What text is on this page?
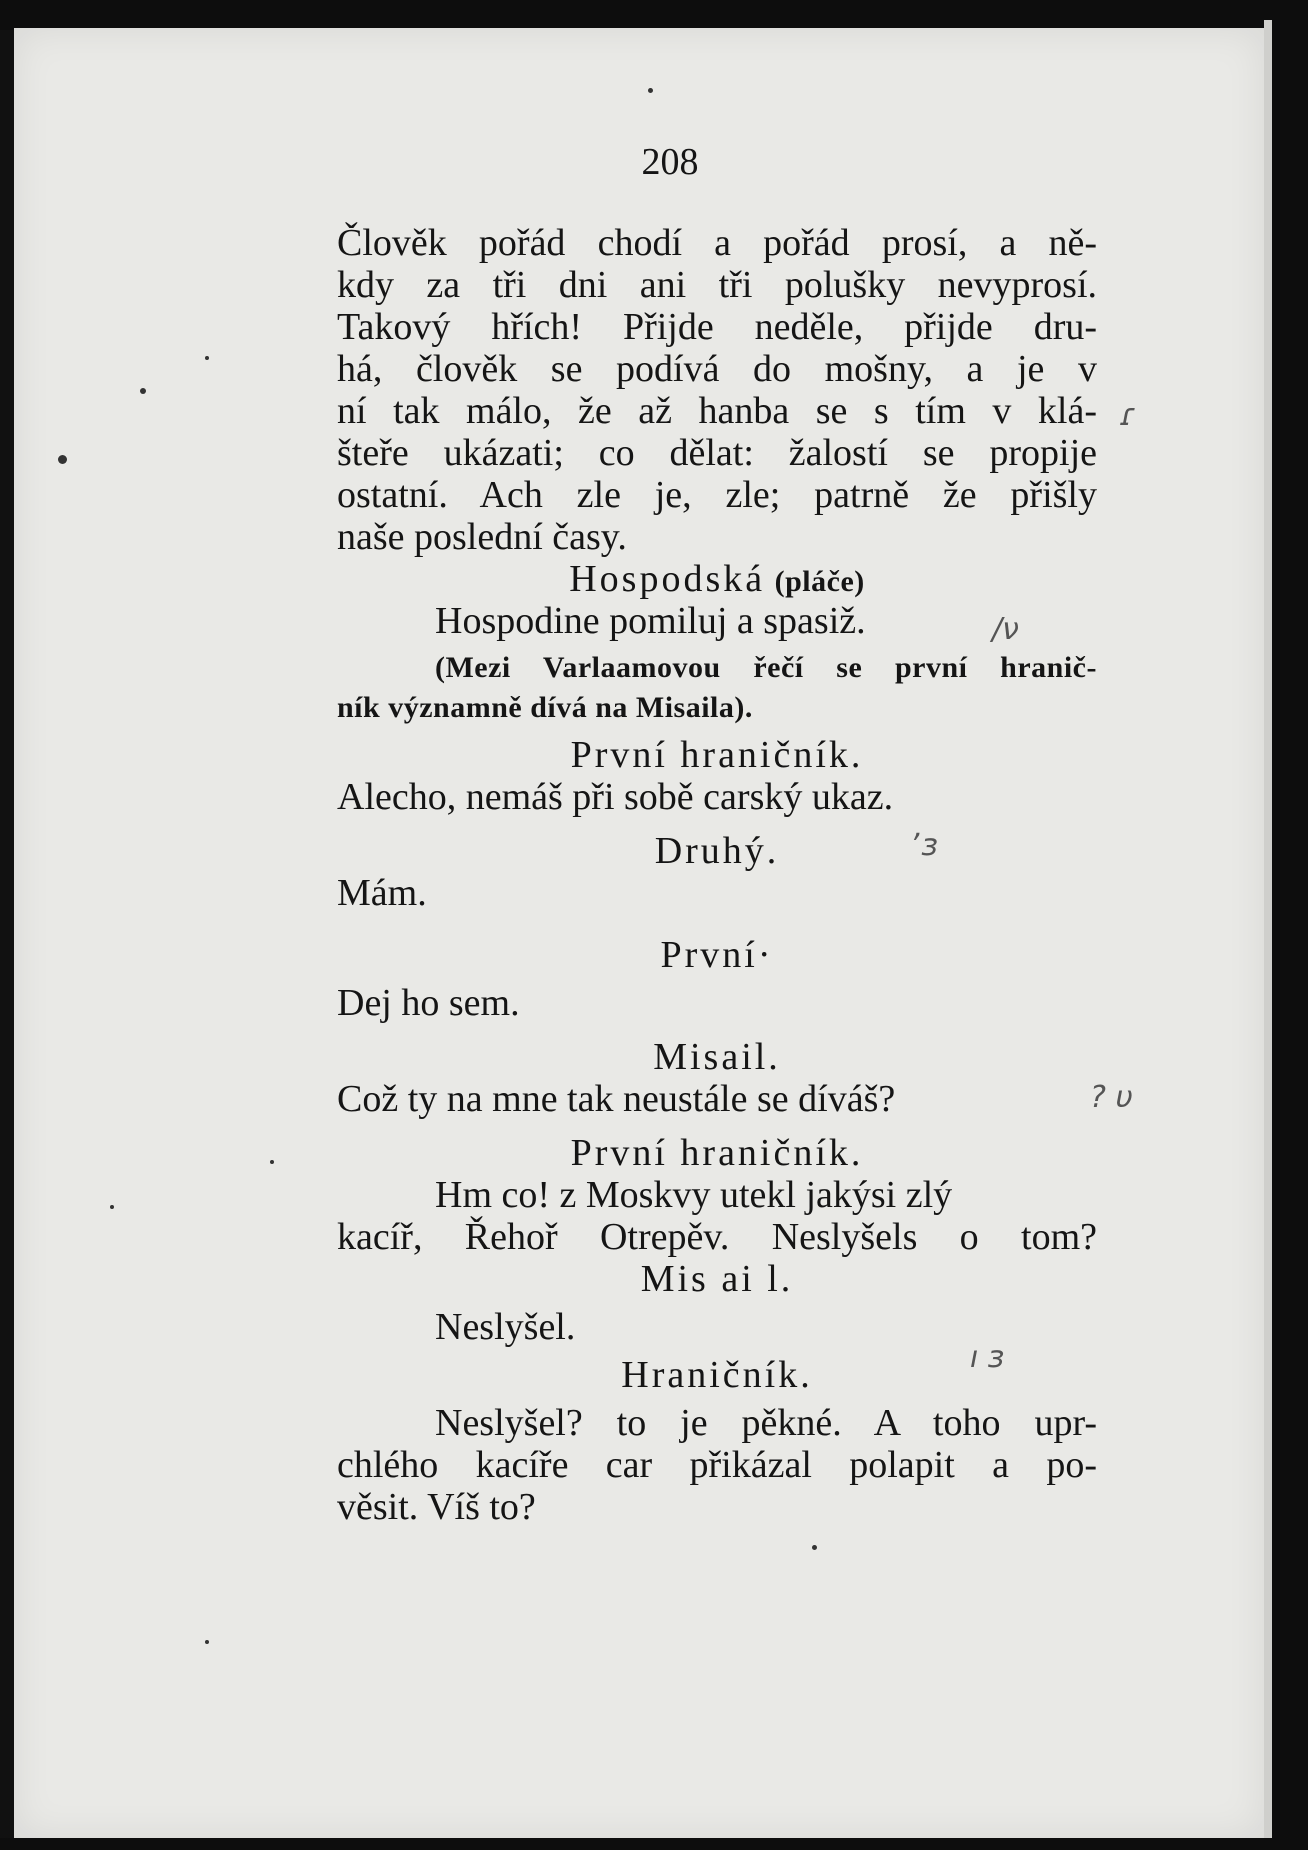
208
Člověk pořád chodí a pořád prosí, a ně-
kdy za tři dni ani tři polušky nevyprosí.
Takový hřích! Přijde neděle, přijde dru-
há, člověk se podívá do mošny, a je v
ní tak málo, že až hanba se s tím v klá-
šteře ukázati; co dělat: žalostí se propije
ostatní. Ach zle je, zle; patrně že přišly
naše poslední časy.
Hospodská (pláče)
Hospodine pomiluj a spasiž.
(Mezi Varlaamovou řečí se první hranič-
ník významně dívá na Misaila).
První hraničník.
Alecho, nemáš při sobě carský ukaz.
Druhý.
Mám.
První·
Dej ho sem.
Misail.
Což ty na mne tak neustále se díváš?
První hraničník.
Hm co! z Moskvy utekl jakýsi zlý
kacíř, Řehoř Otrepěv. Neslyšels o tom?
Mis ai l.
Neslyšel.
Hraničník.
Neslyšel? to je pěkné. A toho upr-
chlého kacíře car přikázal polapit a po-
věsit. Víš to?
/ν
ɾ
ʼɜ
? υ
ı ɜ
